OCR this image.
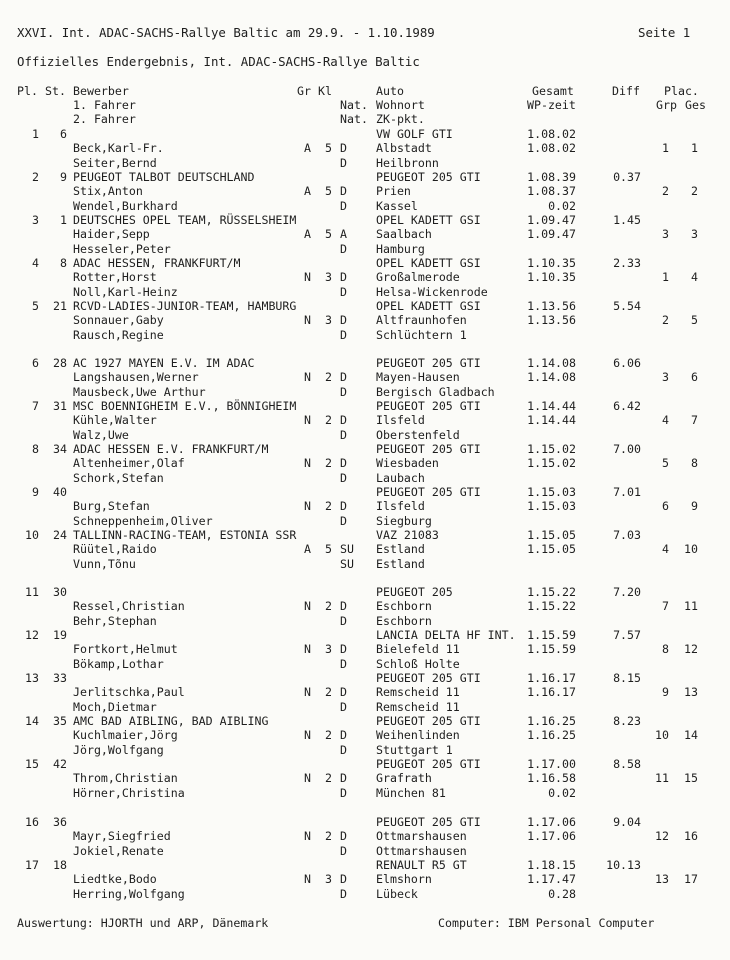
XXVI. Int. ADAC-SACHS-Rallye Baltic am 29.9. - 1.10.1989	Seite 1
Offizielles Endergebnis, Int. ADAC-SACHS-Rallye Baltic
Pl. St. Bewerber	Gr Kl	Auto	Gesamt	Diff Plac.
1. Fahrer	Nat. Wohnort	WP-zeit	Grp Ges
2. Fahrer	Nat. ZK-pkt.
1 6	VW GOLF GTI	1.08.02
Beck,Karl-Fr.	A 5 D	Albstadt	1.08.02	1 1
Seiter,Bernd	D	Heilbronn
2 9 PEUGEOT TALBOT DEUTSCHLAND	PEUGEOT 205 GTI	1.08.39	0.37
Stix,Anton	A 5 D	Prien	1.08.37	2 2
Wendel,Burkhard	D	Kassel	0.02
3 1 DEUTSCHES OPEL TEAM, RÜSSELSHEIM	OPEL KADETT GSI	1.09.47	1.45
Haider,Sepp	A 5 A	Saalbach	1.09.47	3 3
Hesseler,Peter	D	Hamburg
4 8 ADAC HESSEN, FRANKFURT/M	OPEL KADETT GSI	1.10.35	2.33
Rotter,Horst	N 3 D	Großalmerode	1.10.35	1 4
Noll,Karl-Heinz	D	Helsa-Wickenrode
5 21 RCVD-LADIES-JUNIOR-TEAM, HAMBURG	OPEL KADETT GSI	1.13.56	5.54
Sonnauer,Gaby	N 3 D	Altfraunhofen	1.13.56	2 5
Rausch,Regine	D	Schlüchtern 1
6 28 AC 1927 MAYEN E.V. IM ADAC	PEUGEOT 205 GTI	1.14.08	6.06
Langshausen,Werner	N 2 D	Mayen-Hausen	1.14.08	3 6
Mausbeck,Uwe Arthur	D	Bergisch Gladbach
7 31 MSC BOENNIGHEIM E.V., BÖNNIGHEIM	PEUGEOT 205 GTI	1.14.44	6.42
Kühle,Walter	N 2 D	Ilsfeld	1.14.44	4 7
Walz,Uwe	D	Oberstenfeld
8 34 ADAC HESSEN E.V. FRANKFURT/M	PEUGEOT 205 GTI	1.15.02	7.00
Altenheimer,Olaf	N 2 D	Wiesbaden	1.15.02	5 8
Schork,Stefan	D	Laubach
9 40	PEUGEOT 205 GTI	1.15.03	7.01
Burg,Stefan	N 2 D	Ilsfeld	1.15.03	6 9
Schneppenheim,Oliver	D	Siegburg
10 24 TALLINN-RACING-TEAM, ESTONIA SSR	VAZ 21083	1.15.05	7.03
Rüütel,Raido	A 5 SU Estland	1.15.05	4 10
Vunn,Tõnu	SU Estland
11 30	PEUGEOT 205	1.15.22	7.20
Ressel,Christian	N 2 D	Eschborn	1.15.22	7 11
Behr,Stephan	D	Eschborn
12 19	LANCIA DELTA HF INT. 1.15.59	7.57
Fortkort,Helmut	N 3 D	Bielefeld 11	1.15.59	8 12
Bökamp,Lothar	D	Schloß Holte
13 33	PEUGEOT 205 GTI	1.16.17	8.15
Jerlitschka,Paul	N 2 D	Remscheid 11	1.16.17	9 13
Moch,Dietmar	D	Remscheid 11
14 35 AMC BAD AIBLING, BAD AIBLING	PEUGEOT 205 GTI	1.16.25	8.23
Kuchlmaier,Jörg	N 2 D	Weihenlinden	1.16.25	10 14
Jörg,Wolfgang	D	Stuttgart 1
15 42	PEUGEOT 205 GTI	1.17.00	8.58
Throm,Christian	N 2 D	Grafrath	1.16.58	11 15
Hörner,Christina	D	München 81	0.02
16 36	PEUGEOT 205 GTI	1.17.06	9.04
Mayr,Siegfried	N 2 D	Ottmarshausen	1.17.06	12 16
Jokiel,Renate	D	Ottmarshausen
17 18	RENAULT R5 GT	1.18.15	10.13
Liedtke,Bodo	N 3 D	Elmshorn	1.17.47	13 17
Herring,Wolfgang	D	Lübeck	0.28
Auswertung: HJORTH und ARP, Dänemark	Computer: IBM Personal Computer
